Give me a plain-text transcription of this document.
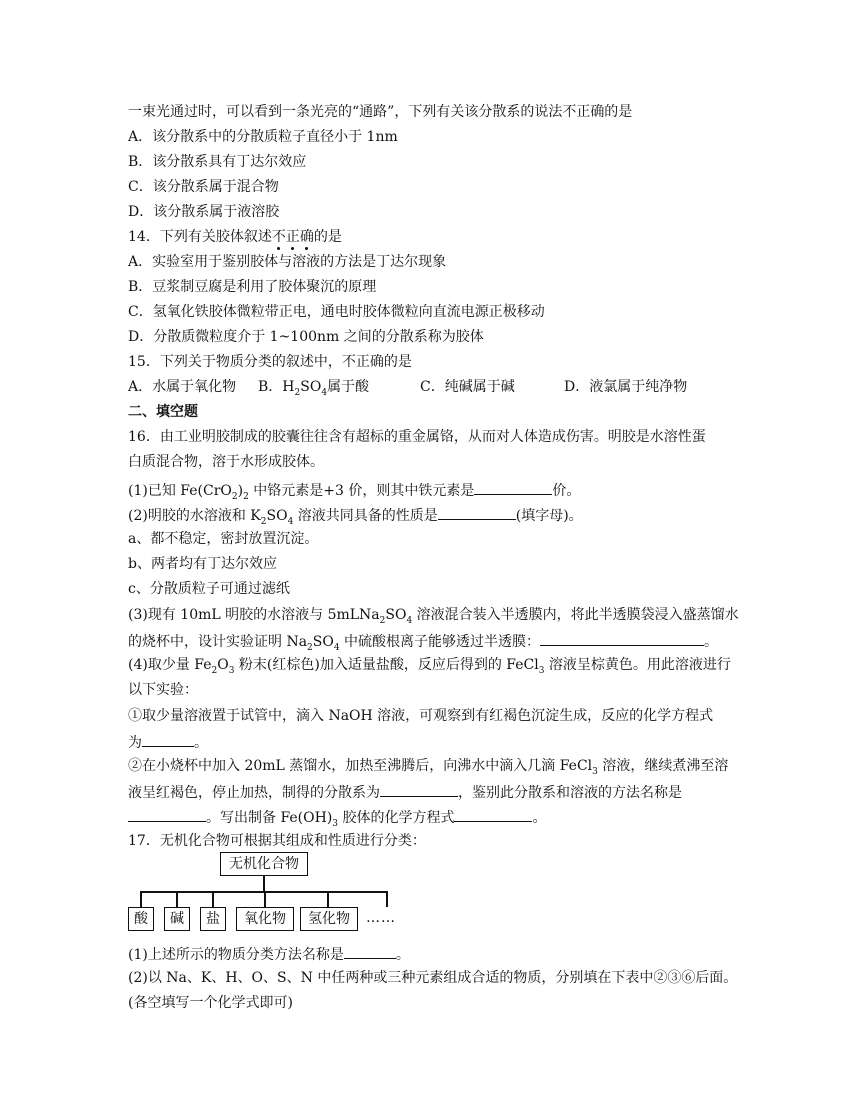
一束光通过时，可以看到一条光亮的“通路”，下列有关该分散系的说法不正确的是
A．该分散系中的分散质粒子直径小于 1nm
B．该分散系具有丁达尔效应
C．该分散系属于混合物
D．该分散系属于液溶胶
14．下列有关胶体叙述不正确的是
A．实验室用于鉴别胶体与溶液的方法是丁达尔现象
B．豆浆制豆腐是利用了胶体聚沉的原理
C．氢氧化铁胶体微粒带正电，通电时胶体微粒向直流电源正极移动
D．分散质微粒度介于 1~100nm 之间的分散系称为胶体
15．下列关于物质分类的叙述中，不正确的是
A．水属于氧化物 B．$H_2SO_4$属于酸	C．纯碱属于碱	D．液氯属于纯净物
二、填空题
16．由工业明胶制成的胶囊往往含有超标的重金属铬，从而对人体造成伤害。明胶是水溶性蛋
白质混合物，溶于水形成胶体。
(1)已知 $Fe(CrO_2)_2$ 中铬元素是+3 价，则其中铁元素是	价。
(2)明胶的水溶液和 $K_2SO_4$ 溶液共同具备的性质是	(填字母)。
a、都不稳定，密封放置沉淀。
b、两者均有丁达尔效应
c、分散质粒子可通过滤纸
(3)现有 10mL 明胶的水溶液与 $5mLNa_2SO_4$ 溶液混合装入半透膜内，将此半透膜袋浸入盛蒸馏水
的烧杯中，设计实验证明 $Na_2SO_4$ 中硫酸根离子能够透过半透膜：	。
(4)取少量 $Fe_2O_3$ 粉末(红棕色)加入适量盐酸，反应后得到的 FeCl$_3$ 溶液呈棕黄色。用此溶液进行
以下实验：
①取少量溶液置于试管中，滴入 NaOH 溶液，可观察到有红褐色沉淀生成，反应的化学方程式
为	。
②在小烧杯中加入 20mL 蒸馏水，加热至沸腾后，向沸水中滴入几滴 FeCl$_3$ 溶液，继续煮沸至溶
液呈红褐色，停止加热，制得的分散系为	，鉴别此分散系和溶液的方法名称是
。写出制备 $Fe(OH)_3$ 胶体的化学方程式	。
17．无机化合物可根据其组成和性质进行分类：
无机化合物
酸	碱	盐	氧化物	氢化物	……
(1)上述所示的物质分类方法名称是	。
(2)以 Na、K、H、O、S、N 中任两种或三种元素组成合适的物质，分别填在下表中②③⑥后面。
(各空填写一个化学式即可)
